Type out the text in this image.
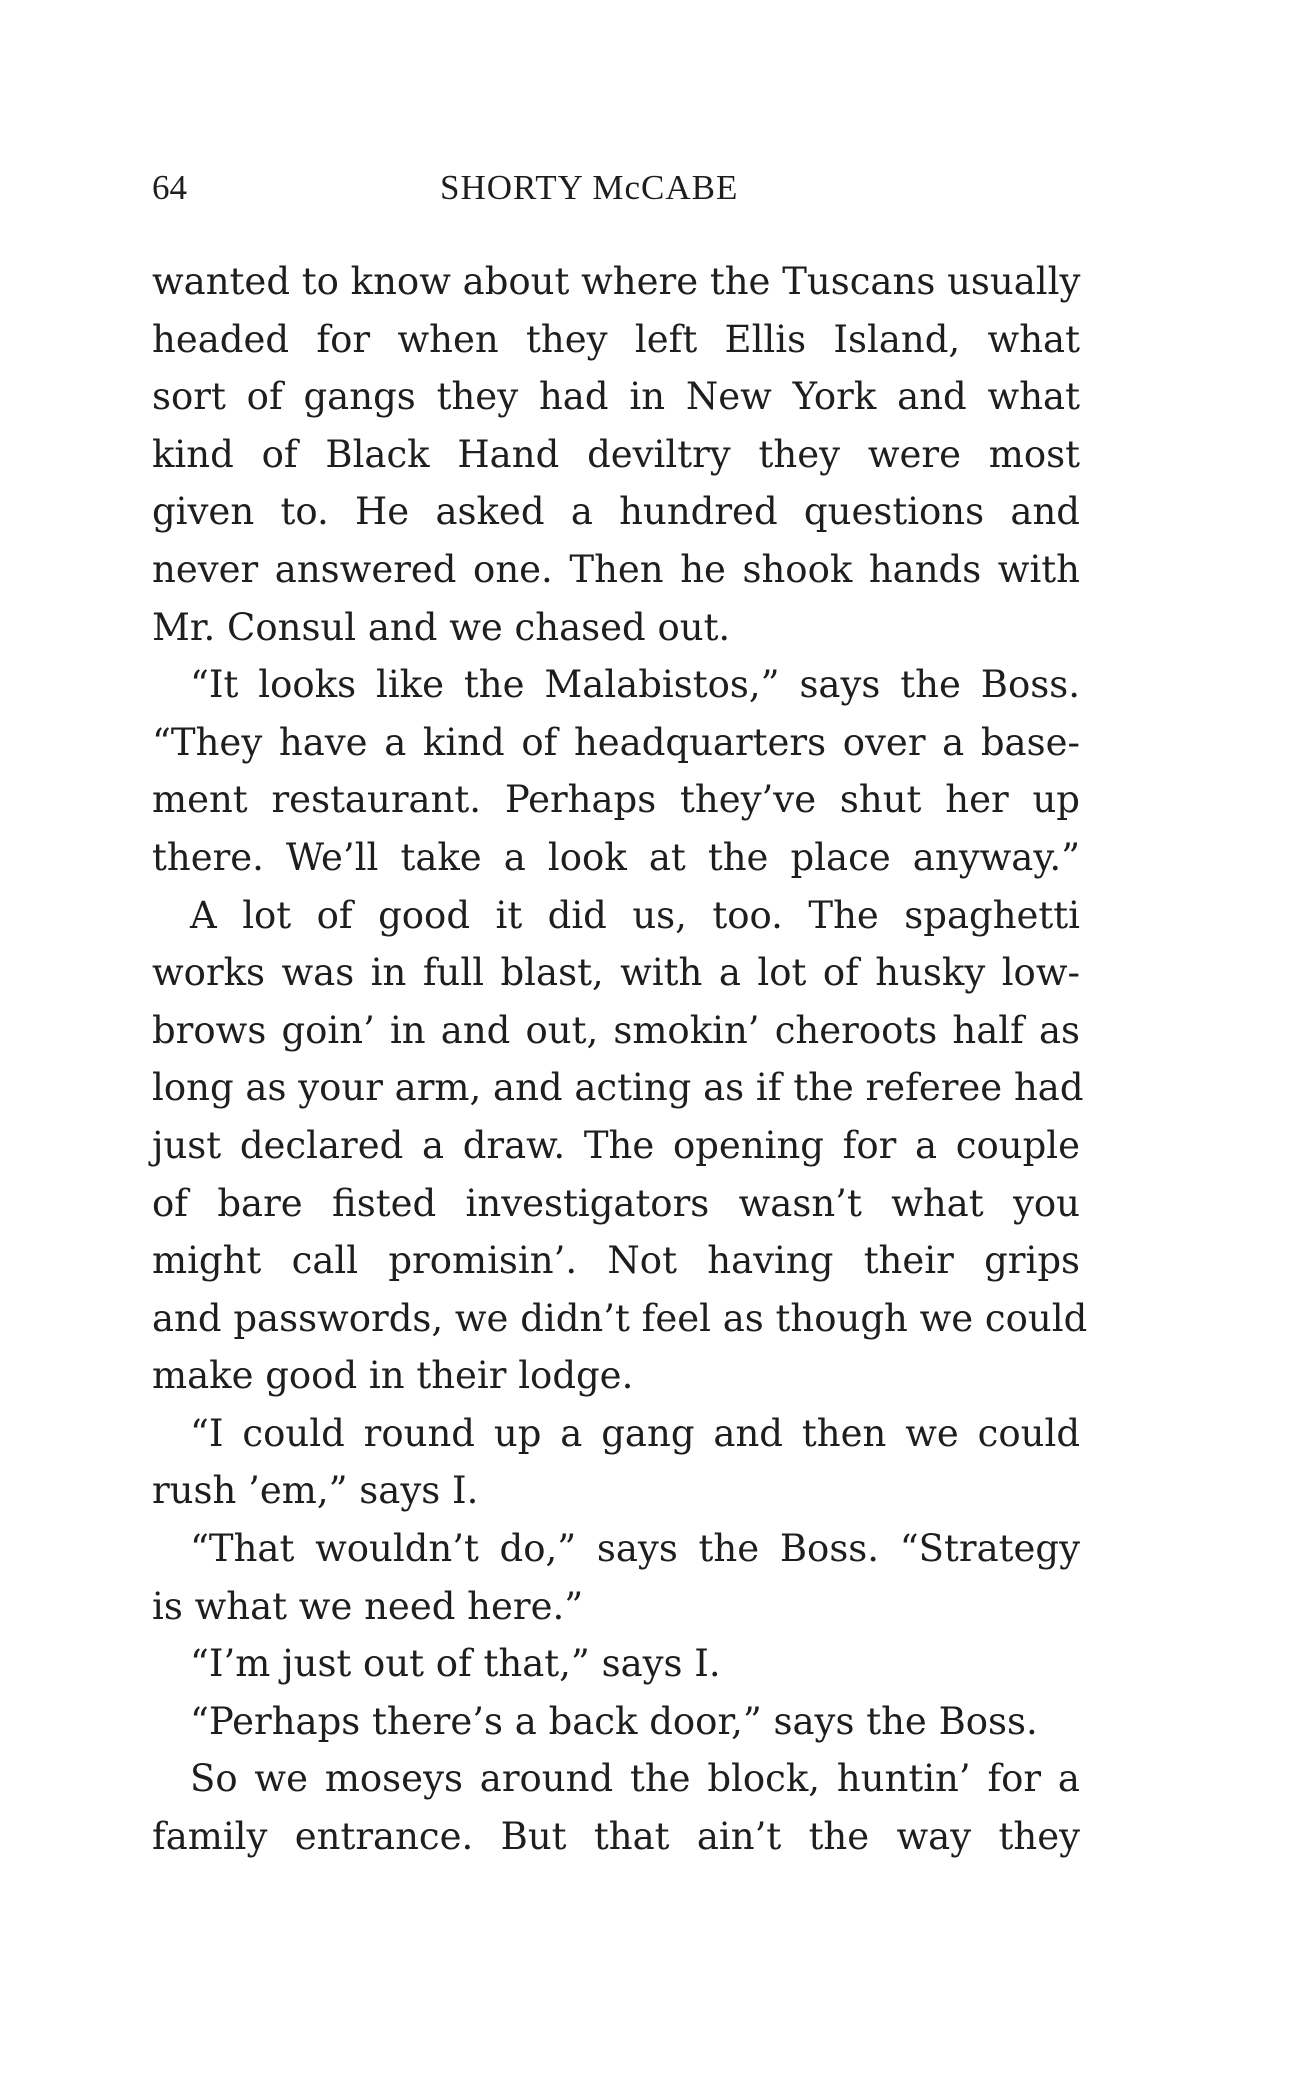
64	SHORTY McCABE
wanted to know about where the Tuscans usually
headed for when they left Ellis Island, what
sort of gangs they had in New York and what
kind of Black Hand deviltry they were most
given to. He asked a hundred questions and
never answered one. Then he shook hands with
Mr. Consul and we chased out.
“It looks like the Malabistos,” says the Boss.
“They have a kind of headquarters over a base-
ment restaurant. Perhaps they’ve shut her up
there. We’ll take a look at the place anyway.”
A lot of good it did us, too. The spaghetti
works was in full blast, with a lot of husky low-
brows goin’ in and out, smokin’ cheroots half as
long as your arm, and acting as if the referee had
just declared a draw. The opening for a couple
of bare fisted investigators wasn’t what you
might call promisin’. Not having their grips
and passwords, we didn’t feel as though we could
make good in their lodge.
“I could round up a gang and then we could
rush ’em,” says I.
“That wouldn’t do,” says the Boss. “Strategy
is what we need here.”
“I’m just out of that,” says I.
“Perhaps there’s a back door,” says the Boss.
So we moseys around the block, huntin’ for a
family entrance. But that ain’t the way they
